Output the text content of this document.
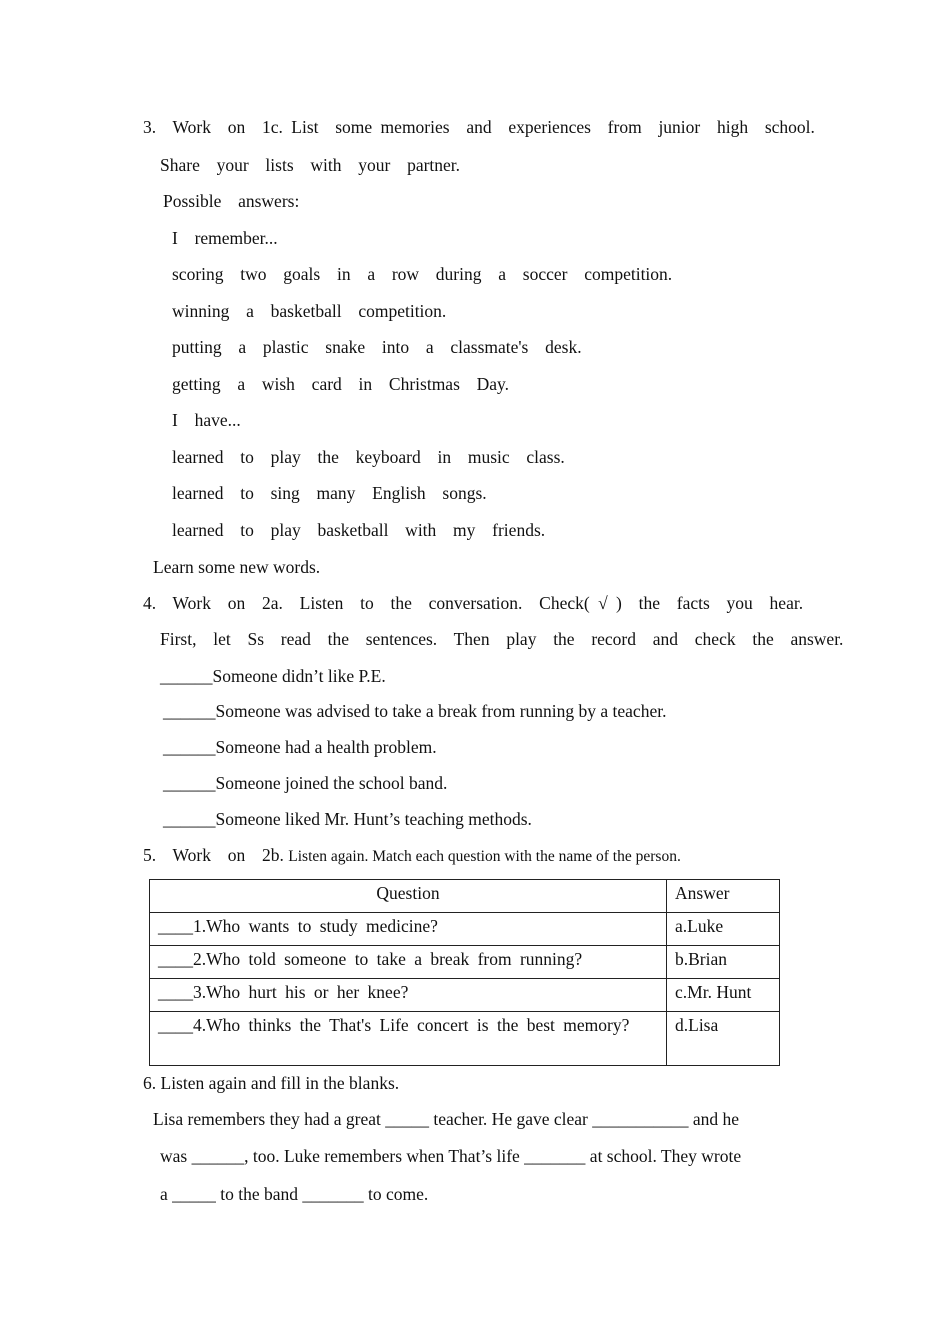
3.  Work  on  1c. List  some memories  and  experiences  from  junior  high  school.
Share  your  lists  with  your  partner.
Possible  answers:
I  remember...
scoring  two  goals  in  a  row  during  a  soccer  competition.
winning  a  basketball  competition.
putting  a  plastic  snake  into  a  classmate's  desk.
getting  a  wish  card  in  Christmas  Day.
I  have...
learned  to  play  the  keyboard  in  music  class.
learned  to  sing  many  English  songs.
learned  to  play  basketball  with  my  friends.
Learn some new words.
4.  Work  on  2a.  Listen  to  the  conversation.  Check( √ )  the  facts  you  hear.
First,  let  Ss  read  the  sentences.  Then  play  the  record  and  check  the  answer.
______Someone didn’t like P.E.
______Someone was advised to take a break from running by a teacher.
______Someone had a health problem.
______Someone joined the school band.
______Someone liked Mr. Hunt’s teaching methods.
5.  Work  on  2b. Listen again. Match each question with the name of the person.
Question	Answer
____1.Who wants to study medicine?	a.Luke
____2.Who told someone to take a break from running?	b.Brian
____3.Who hurt his or her knee?	c.Mr. Hunt
____4.Who thinks the That's Life concert is the best memory?	d.Lisa
6. Listen again and fill in the blanks.
Lisa remembers they had a great _____ teacher. He gave clear ___________ and he
was ______, too. Luke remembers when That’s life _______ at school. They wrote
a _____ to the band _______ to come.
